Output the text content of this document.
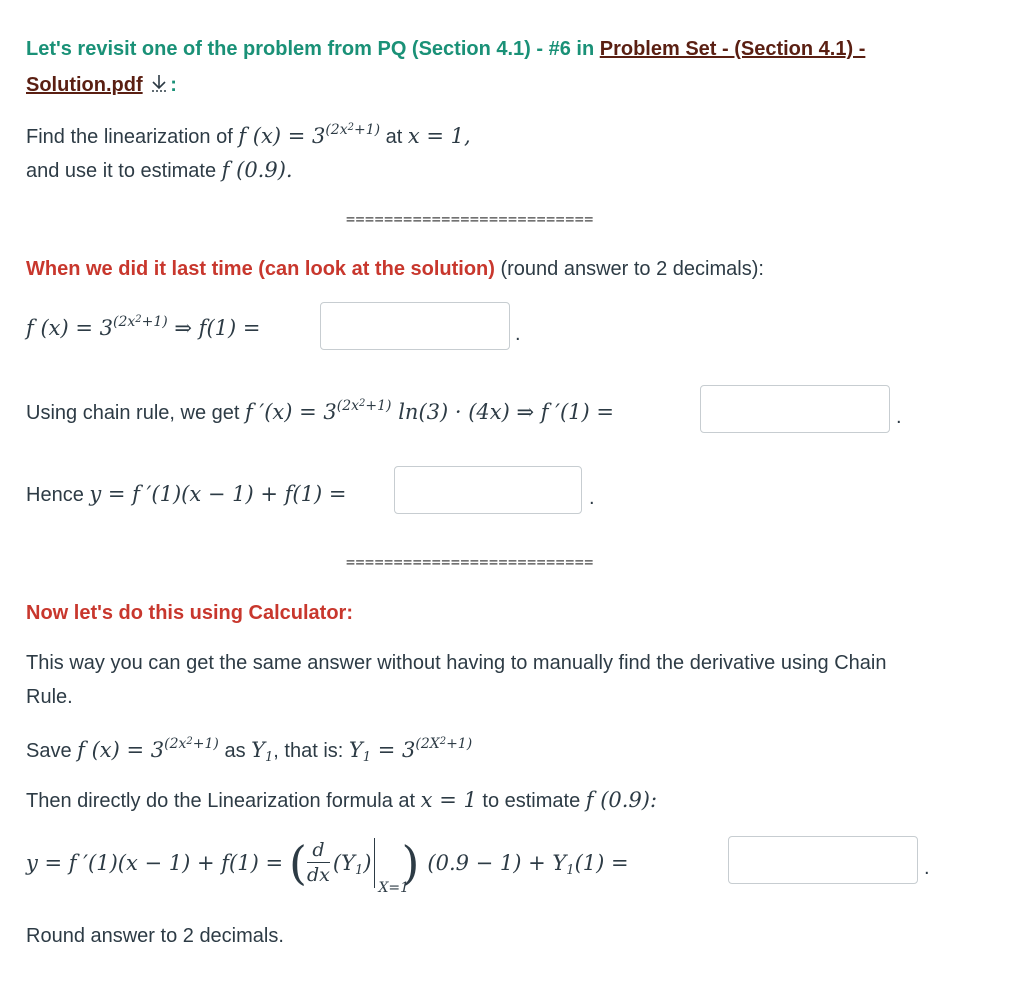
Let's revisit one of the problem from PQ (Section 4.1) - #6 in Problem Set - (Section 4.1) -
Solution.pdf :
Find the linearization of f $(x) = 3^{(2x^2+1)}$ at x = 1,
and use it to estimate f (0.9).
==========================
When we did it last time (can look at the solution) (round answer to 2 decimals):
f $(x) = 3^{(2x^2+1)}$ ⇒ f(1) =	.
Using chain rule, we get f $'(x) = 3^{(2x^2+1)}$ ln(3) · (4x) ⇒ f ′(1) =	.
Hence y = f ′(1)(x − 1) + f(1) =	.
==========================
Now let's do this using Calculator:
This way you can get the same answer without having to manually find the derivative using Chain
Rule.
Save f $(x) = 3^{(2x^2+1)}$ as $Y_1$, that is: $Y_1 = 3^{(2X^2+1)}$
Then directly do the Linearization formula at x = 1 to estimate f (0.9):
y = f ′(1)(x − 1) + f(1) = ( $\frac{d}{dx} (Y_1)$
X=1
) $(0.9 - 1) + Y_1(1)$ =	.
Round answer to 2 decimals.
